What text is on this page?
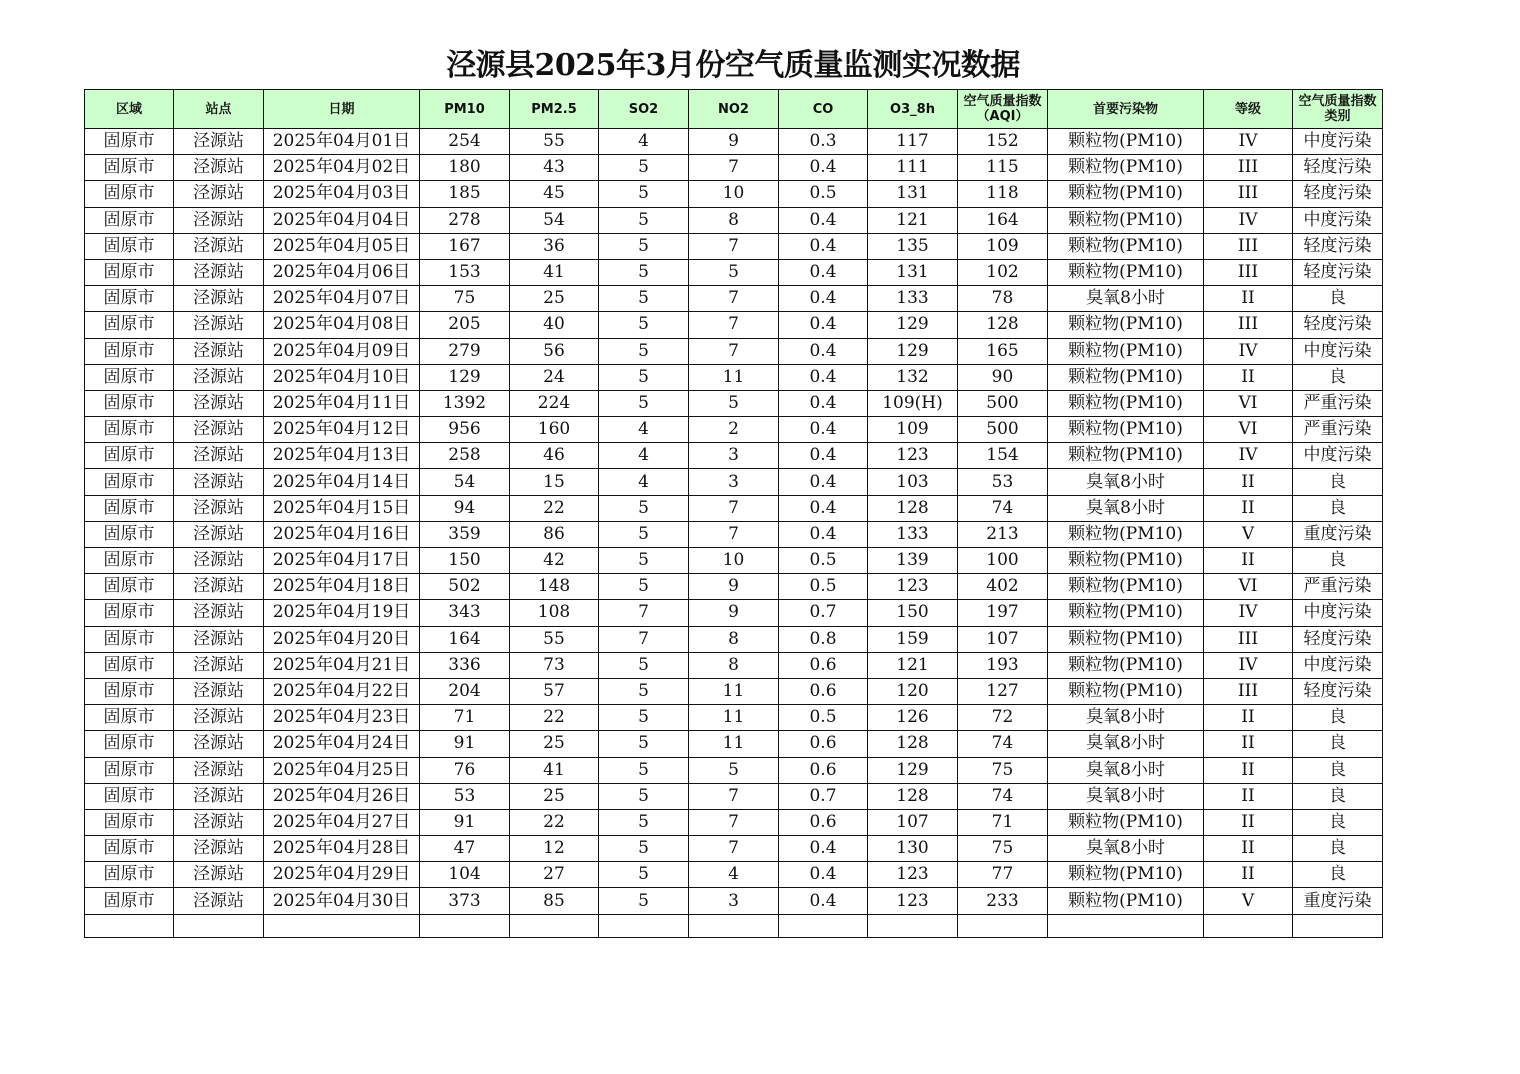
泾源县2025年3月份空气质量监测实况数据
区域	站点	日期	PM10	PM2.5	SO2	NO2	CO	O3_8h	空气质量指数（AQI）	首要污染物	等级	空气质量指数类别
固原市	泾源站	2025年04月01日	254	55	4	9	0.3	117	152	颗粒物(PM10)	IV	中度污染
固原市	泾源站	2025年04月02日	180	43	5	7	0.4	111	115	颗粒物(PM10)	III	轻度污染
固原市	泾源站	2025年04月03日	185	45	5	10	0.5	131	118	颗粒物(PM10)	III	轻度污染
固原市	泾源站	2025年04月04日	278	54	5	8	0.4	121	164	颗粒物(PM10)	IV	中度污染
固原市	泾源站	2025年04月05日	167	36	5	7	0.4	135	109	颗粒物(PM10)	III	轻度污染
固原市	泾源站	2025年04月06日	153	41	5	5	0.4	131	102	颗粒物(PM10)	III	轻度污染
固原市	泾源站	2025年04月07日	75	25	5	7	0.4	133	78	臭氧8小时	II	良
固原市	泾源站	2025年04月08日	205	40	5	7	0.4	129	128	颗粒物(PM10)	III	轻度污染
固原市	泾源站	2025年04月09日	279	56	5	7	0.4	129	165	颗粒物(PM10)	IV	中度污染
固原市	泾源站	2025年04月10日	129	24	5	11	0.4	132	90	颗粒物(PM10)	II	良
固原市	泾源站	2025年04月11日	1392	224	5	5	0.4	109(H)	500	颗粒物(PM10)	VI	严重污染
固原市	泾源站	2025年04月12日	956	160	4	2	0.4	109	500	颗粒物(PM10)	VI	严重污染
固原市	泾源站	2025年04月13日	258	46	4	3	0.4	123	154	颗粒物(PM10)	IV	中度污染
固原市	泾源站	2025年04月14日	54	15	4	3	0.4	103	53	臭氧8小时	II	良
固原市	泾源站	2025年04月15日	94	22	5	7	0.4	128	74	臭氧8小时	II	良
固原市	泾源站	2025年04月16日	359	86	5	7	0.4	133	213	颗粒物(PM10)	V	重度污染
固原市	泾源站	2025年04月17日	150	42	5	10	0.5	139	100	颗粒物(PM10)	II	良
固原市	泾源站	2025年04月18日	502	148	5	9	0.5	123	402	颗粒物(PM10)	VI	严重污染
固原市	泾源站	2025年04月19日	343	108	7	9	0.7	150	197	颗粒物(PM10)	IV	中度污染
固原市	泾源站	2025年04月20日	164	55	7	8	0.8	159	107	颗粒物(PM10)	III	轻度污染
固原市	泾源站	2025年04月21日	336	73	5	8	0.6	121	193	颗粒物(PM10)	IV	中度污染
固原市	泾源站	2025年04月22日	204	57	5	11	0.6	120	127	颗粒物(PM10)	III	轻度污染
固原市	泾源站	2025年04月23日	71	22	5	11	0.5	126	72	臭氧8小时	II	良
固原市	泾源站	2025年04月24日	91	25	5	11	0.6	128	74	臭氧8小时	II	良
固原市	泾源站	2025年04月25日	76	41	5	5	0.6	129	75	臭氧8小时	II	良
固原市	泾源站	2025年04月26日	53	25	5	7	0.7	128	74	臭氧8小时	II	良
固原市	泾源站	2025年04月27日	91	22	5	7	0.6	107	71	颗粒物(PM10)	II	良
固原市	泾源站	2025年04月28日	47	12	5	7	0.4	130	75	臭氧8小时	II	良
固原市	泾源站	2025年04月29日	104	27	5	4	0.4	123	77	颗粒物(PM10)	II	良
固原市	泾源站	2025年04月30日	373	85	5	3	0.4	123	233	颗粒物(PM10)	V	重度污染
